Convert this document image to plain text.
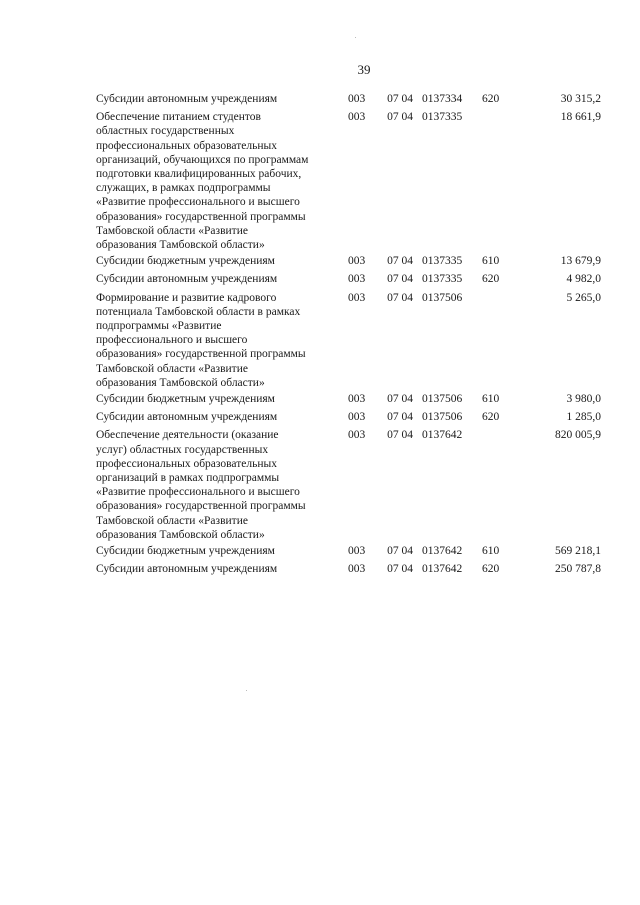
39
Субсидии автономным учреждениям	003	07 04 0137334	620	30 315,2
Обеспечение питанием студентов
областных государственных
профессиональных образовательных
организаций, обучающихся по программам
подготовки квалифицированных рабочих,
служащих, в рамках подпрограммы
«Развитие профессионального и высшего
образования» государственной программы
Тамбовской области «Развитие
образования Тамбовской области»
003	07 04 0137335	18 661,9
Субсидии бюджетным учреждениям	003	07 04 0137335	610	13 679,9
Субсидии автономным учреждениям	003	07 04 0137335	620	4 982,0
Формирование и развитие кадрового
потенциала Тамбовской области в рамках
подпрограммы «Развитие
профессионального и высшего
образования» государственной программы
Тамбовской области «Развитие
образования Тамбовской области»
003	07 04 0137506	5 265,0
Субсидии бюджетным учреждениям	003	07 04 0137506	610	3 980,0
Субсидии автономным учреждениям	003	07 04 0137506	620	1 285,0
Обеспечение деятельности (оказание
услуг) областных государственных
профессиональных образовательных
организаций в рамках подпрограммы
«Развитие профессионального и высшего
образования» государственной программы
Тамбовской области «Развитие
образования Тамбовской области»
003	07 04 0137642	820 005,9
Субсидии бюджетным учреждениям	003	07 04 0137642	610	569 218,1
Субсидии автономным учреждениям	003	07 04 0137642	620	250 787,8
